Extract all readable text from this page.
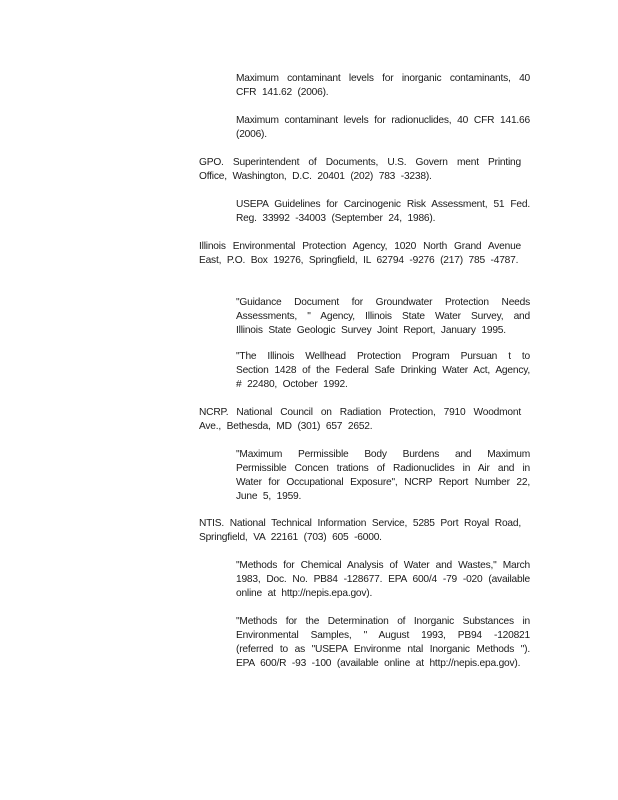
Maximum contaminant levels for inorganic contaminants, 40 CFR 141.62 (2006).

Maximum contaminant levels for radionuclides, 40 CFR 141.66 (2006).

GPO. Superintendent of Documents, U.S. Govern ment Printing Office, Washington, D.C. 20401 (202) 783 -3238).

USEPA Guidelines for Carcinogenic Risk Assessment, 51 Fed. Reg. 33992 -34003 (September 24, 1986).

Illinois Environmental Protection Agency, 1020 North Grand Avenue East, P.O. Box 19276, Springfield, IL 62794 -9276 (217) 785 -4787.

"Guidance Document for Groundwater Protection Needs Assessments, " Agency, Illinois State Water Survey, and Illinois State Geologic Survey Joint Report, January 1995.

"The Illinois Wellhead Protection Program Pursuan t to Section 1428 of the Federal Safe Drinking Water Act, Agency, # 22480, October 1992.

NCRP. National Council on Radiation Protection, 7910 Woodmont Ave., Bethesda, MD (301) 657 2652.

"Maximum Permissible Body Burdens and Maximum Permissible Concen trations of Radionuclides in Air and in Water for Occupational Exposure", NCRP Report Number 22, June 5, 1959.

NTIS. National Technical Information Service, 5285 Port Royal Road, Springfield, VA 22161 (703) 605 -6000.

"Methods for Chemical Analysis of Water and Wastes," March 1983, Doc. No. PB84 -128677. EPA 600/4 -79 -020 (available online at http://nepis.epa.gov).

"Methods for the Determination of Inorganic Substances in Environmental Samples, " August 1993, PB94 -120821 (referred to as "USEPA Environme ntal Inorganic Methods "). EPA 600/R -93 -100 (available online at http://nepis.epa.gov).
